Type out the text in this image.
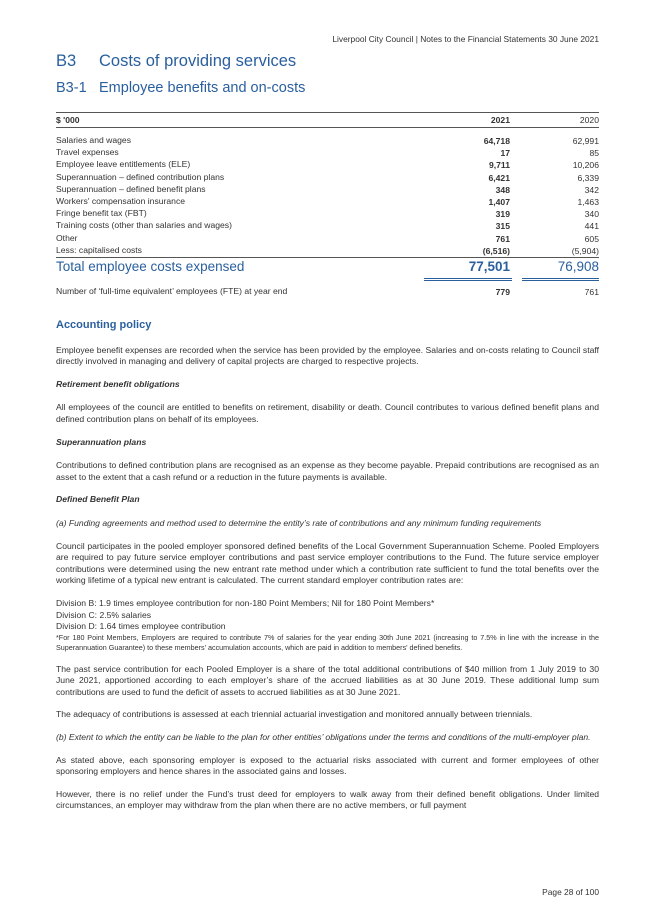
Liverpool City Council | Notes to the Financial Statements 30 June 2021
B3 Costs of providing services
B3-1 Employee benefits and on-costs
$ '000	2021	2020
Salaries and wages	64,718	62,991
Travel expenses	17	85
Employee leave entitlements (ELE)	9,711	10,206
Superannuation – defined contribution plans	6,421	6,339
Superannuation – defined benefit plans	348	342
Workers' compensation insurance	1,407	1,463
Fringe benefit tax (FBT)	319	340
Training costs (other than salaries and wages)	315	441
Other	761	605
Less: capitalised costs	(6,516)	(5,904)
Total employee costs expensed	77,501	76,908
Number of ‘full-time equivalent’ employees (FTE) at year end	779	761
Accounting policy

Employee benefit expenses are recorded when the service has been provided by the employee. Salaries and on-costs relating to Council staff directly involved in managing and delivery of capital projects are charged to respective projects.

Retirement benefit obligations

All employees of the council are entitled to benefits on retirement, disability or death. Council contributes to various defined benefit plans and defined contribution plans on behalf of its employees.

Superannuation plans

Contributions to defined contribution plans are recognised as an expense as they become payable. Prepaid contributions are recognised as an asset to the extent that a cash refund or a reduction in the future payments is available.

Defined Benefit Plan

(a) Funding agreements and method used to determine the entity’s rate of contributions and any minimum funding requirements

Council participates in the pooled employer sponsored defined benefits of the Local Government Superannuation Scheme. Pooled Employers are required to pay future service employer contributions and past service employer contributions to the Fund. The future service employer contributions were determined using the new entrant rate method under which a contribution rate sufficient to fund the total benefits over the working lifetime of a typical new entrant is calculated. The current standard employer contribution rates are:

Division B: 1.9 times employee contribution for non-180 Point Members; Nil for 180 Point Members*

Division C: 2.5% salaries

Division D: 1.64 times employee contribution

*For 180 Point Members, Employers are required to contribute 7% of salaries for the year ending 30th June 2021 (increasing to 7.5% in line with the increase in the Superannuation Guarantee) to these members' accumulation accounts, which are paid in addition to members' defined benefits.

The past service contribution for each Pooled Employer is a share of the total additional contributions of $40 million from 1 July 2019 to 30 June 2021, apportioned according to each employer’s share of the accrued liabilities as at 30 June 2019. These additional lump sum contributions are used to fund the deficit of assets to accrued liabilities as at 30 June 2021.

The adequacy of contributions is assessed at each triennial actuarial investigation and monitored annually between triennials.

(b) Extent to which the entity can be liable to the plan for other entities’ obligations under the terms and conditions of the multi-employer plan.

As stated above, each sponsoring employer is exposed to the actuarial risks associated with current and former employees of other sponsoring employers and hence shares in the associated gains and losses.

However, there is no relief under the Fund’s trust deed for employers to walk away from their defined benefit obligations. Under limited circumstances, an employer may withdraw from the plan when there are no active members, or full payment

Page 28 of 100
